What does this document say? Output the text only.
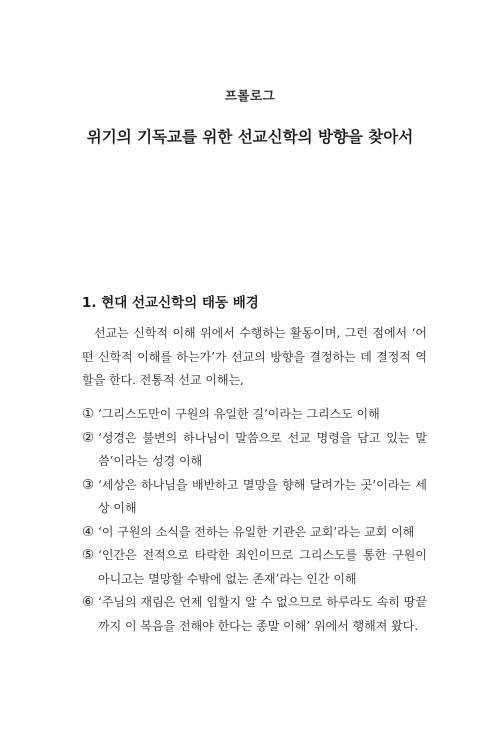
프롤로그
위기의 기독교를 위한 선교신학의 방향을 찾아서
1. 현대 선교신학의 태동 배경

선교는 신학적 이해 위에서 수행하는 활동이며, 그런 점에서 ‘어떤 신학적 이해를 하는가’가 선교의 방향을 결정하는 데 결정적 역할을 한다. 전통적 선교 이해는,

① ‘그리스도만이 구원의 유일한 길’이라는 그리스도 이해
② ‘성경은 불변의 하나님이 말씀으로 선교 명령을 담고 있는 말씀’이라는 성경 이해
③ ‘세상은 하나님을 배반하고 멸망을 향해 달려가는 곳’이라는 세상 이해
④ ‘이 구원의 소식을 전하는 유일한 기관은 교회’라는 교회 이해
⑤ ‘인간은 전적으로 타락한 죄인이므로 그리스도를 통한 구원이 아니고는 멸망할 수밖에 없는 존재’라는 인간 이해
⑥ ‘주님의 재림은 언제 임할지 알 수 없으므로 하루라도 속히 땅끝까지 이 복음을 전해야 한다는 종말 이해’ 위에서 행해져 왔다.
